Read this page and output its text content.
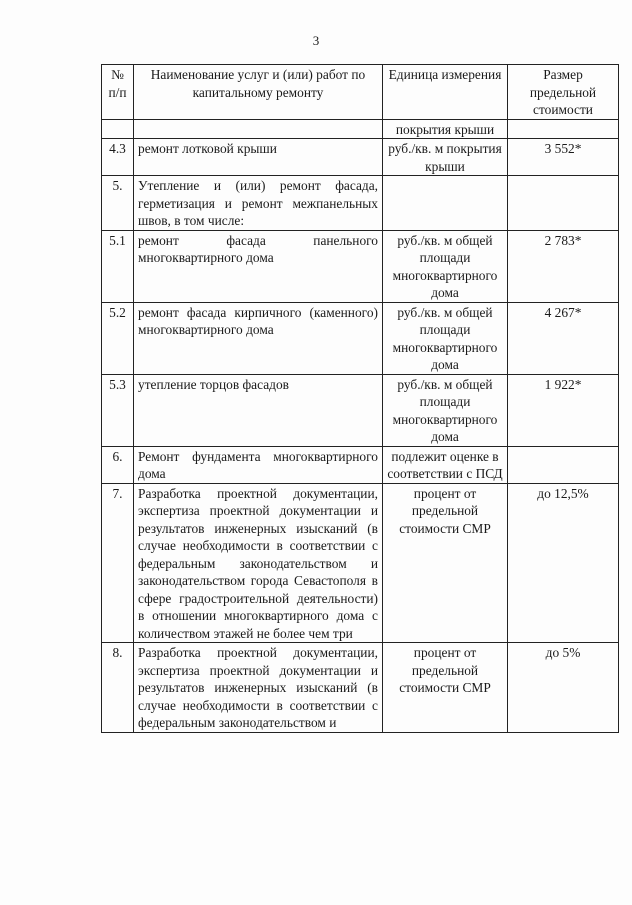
3
№ п/п	Наименование услуг и (или) работ по капитальному ремонту	Единица измерения	Размер предельной стоимости
		покрытия крыши	
4.3	ремонт лотковой крыши	руб./кв. м покрытия крыши	3 552*
5.	Утепление и (или) ремонт фасада, герметизация и ремонт межпанельных швов, в том числе:		
5.1	ремонт фасада панельного многоквартирного дома	руб./кв. м общей площади многоквартирного дома	2 783*
5.2	ремонт фасада кирпичного (каменного) многоквартирного дома	руб./кв. м общей площади многоквартирного дома	4 267*
5.3	утепление торцов фасадов	руб./кв. м общей площади многоквартирного дома	1 922*
6.	Ремонт фундамента многоквартирного дома	подлежит оценке в соответствии с ПСД	
7.	Разработка проектной документации, экспертиза проектной документации и результатов инженерных изысканий (в случае необходимости в соответствии с федеральным законодательством и законодательством города Севастополя в сфере градостроительной деятельности) в отношении многоквартирного дома с количеством этажей не более чем три	процент от предельной стоимости СМР	до 12,5%
8.	Разработка проектной документации, экспертиза проектной документации и результатов инженерных изысканий (в случае необходимости в соответствии с федеральным законодательством и	процент от предельной стоимости СМР	до 5%
